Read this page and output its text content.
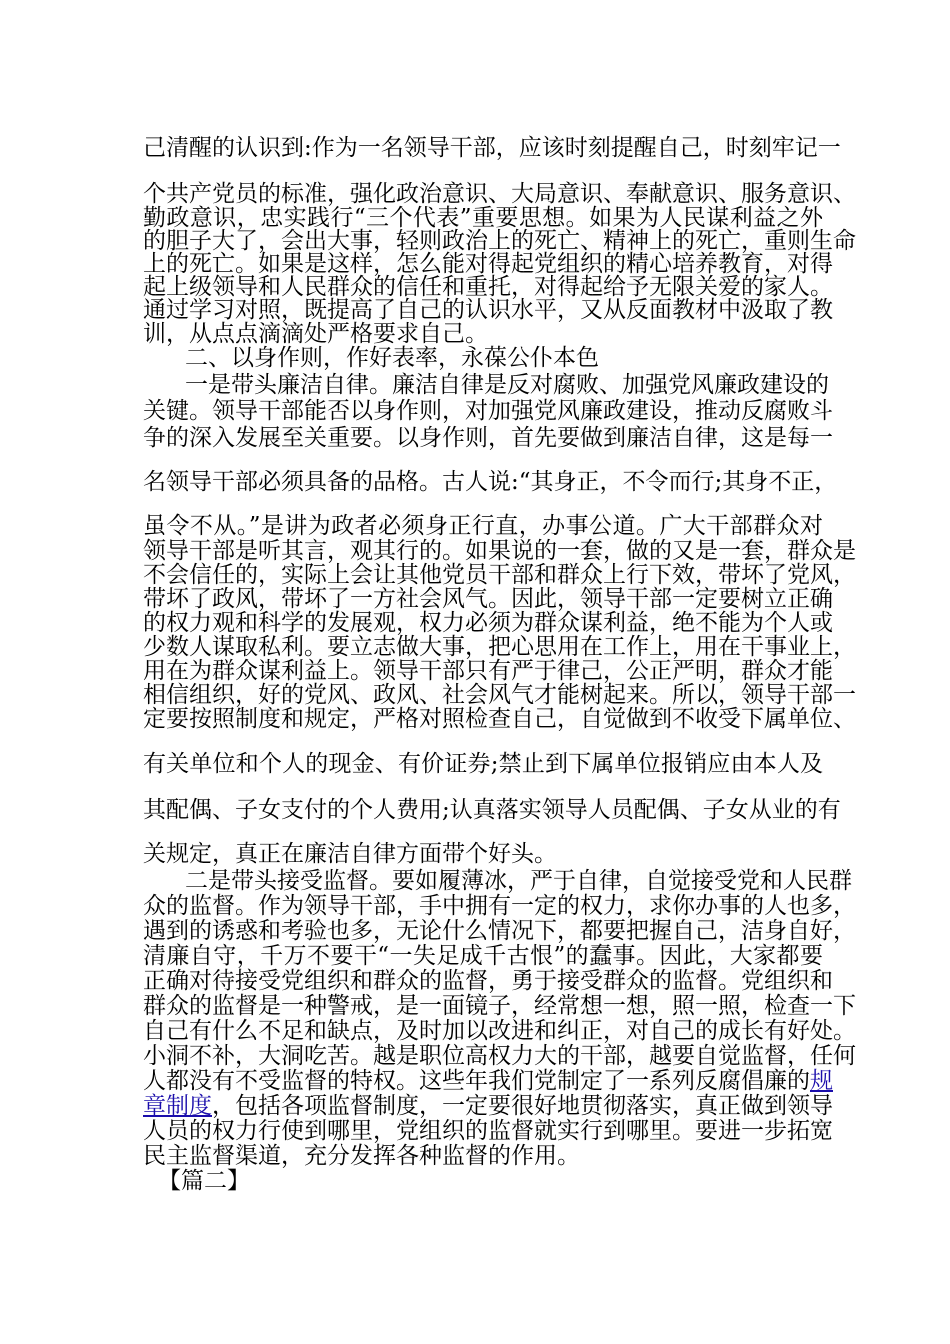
己清醒的认识到:作为一名领导干部，应该时刻提醒自己，时刻牢记一
个共产党员的标准，强化政治意识、大局意识、奉献意识、服务意识、
勤政意识，忠实践行“三个代表”重要思想。如果为人民谋利益之外
的胆子大了，会出大事，轻则政治上的死亡、精神上的死亡，重则生命
上的死亡。如果是这样，怎么能对得起党组织的精心培养教育，对得
起上级领导和人民群众的信任和重托，对得起给予无限关爱的家人。
通过学习对照，既提高了自己的认识水平，又从反面教材中汲取了教
训，从点点滴滴处严格要求自己。
二、以身作则，作好表率，永葆公仆本色
一是带头廉洁自律。廉洁自律是反对腐败、加强党风廉政建设的
关键。领导干部能否以身作则，对加强党风廉政建设，推动反腐败斗
争的深入发展至关重要。以身作则，首先要做到廉洁自律，这是每一
名领导干部必须具备的品格。古人说:“其身正，不令而行;其身不正，
虽令不从。”是讲为政者必须身正行直，办事公道。广大干部群众对
领导干部是听其言，观其行的。如果说的一套，做的又是一套，群众是
不会信任的，实际上会让其他党员干部和群众上行下效，带坏了党风，
带坏了政风，带坏了一方社会风气。因此，领导干部一定要树立正确
的权力观和科学的发展观，权力必须为群众谋利益，绝不能为个人或
少数人谋取私利。要立志做大事，把心思用在工作上，用在干事业上，
用在为群众谋利益上。领导干部只有严于律己，公正严明，群众才能
相信组织，好的党风、政风、社会风气才能树起来。所以，领导干部一
定要按照制度和规定，严格对照检查自己，自觉做到不收受下属单位、
有关单位和个人的现金、有价证券;禁止到下属单位报销应由本人及
其配偶、子女支付的个人费用;认真落实领导人员配偶、子女从业的有
关规定，真正在廉洁自律方面带个好头。
二是带头接受监督。要如履薄冰，严于自律，自觉接受党和人民群
众的监督。作为领导干部，手中拥有一定的权力，求你办事的人也多，
遇到的诱惑和考验也多，无论什么情况下，都要把握自己，洁身自好，
清廉自守，千万不要干“一失足成千古恨”的蠢事。因此，大家都要
正确对待接受党组织和群众的监督，勇于接受群众的监督。党组织和
群众的监督是一种警戒，是一面镜子，经常想一想，照一照，检查一下
自己有什么不足和缺点，及时加以改进和纠正，对自己的成长有好处。
小洞不补，大洞吃苦。越是职位高权力大的干部，越要自觉监督，任何
人都没有不受监督的特权。这些年我们党制定了一系列反腐倡廉的规
章制度，包括各项监督制度，一定要很好地贯彻落实，真正做到领导
人员的权力行使到哪里，党组织的监督就实行到哪里。要进一步拓宽
民主监督渠道，充分发挥各种监督的作用。
【篇二】
